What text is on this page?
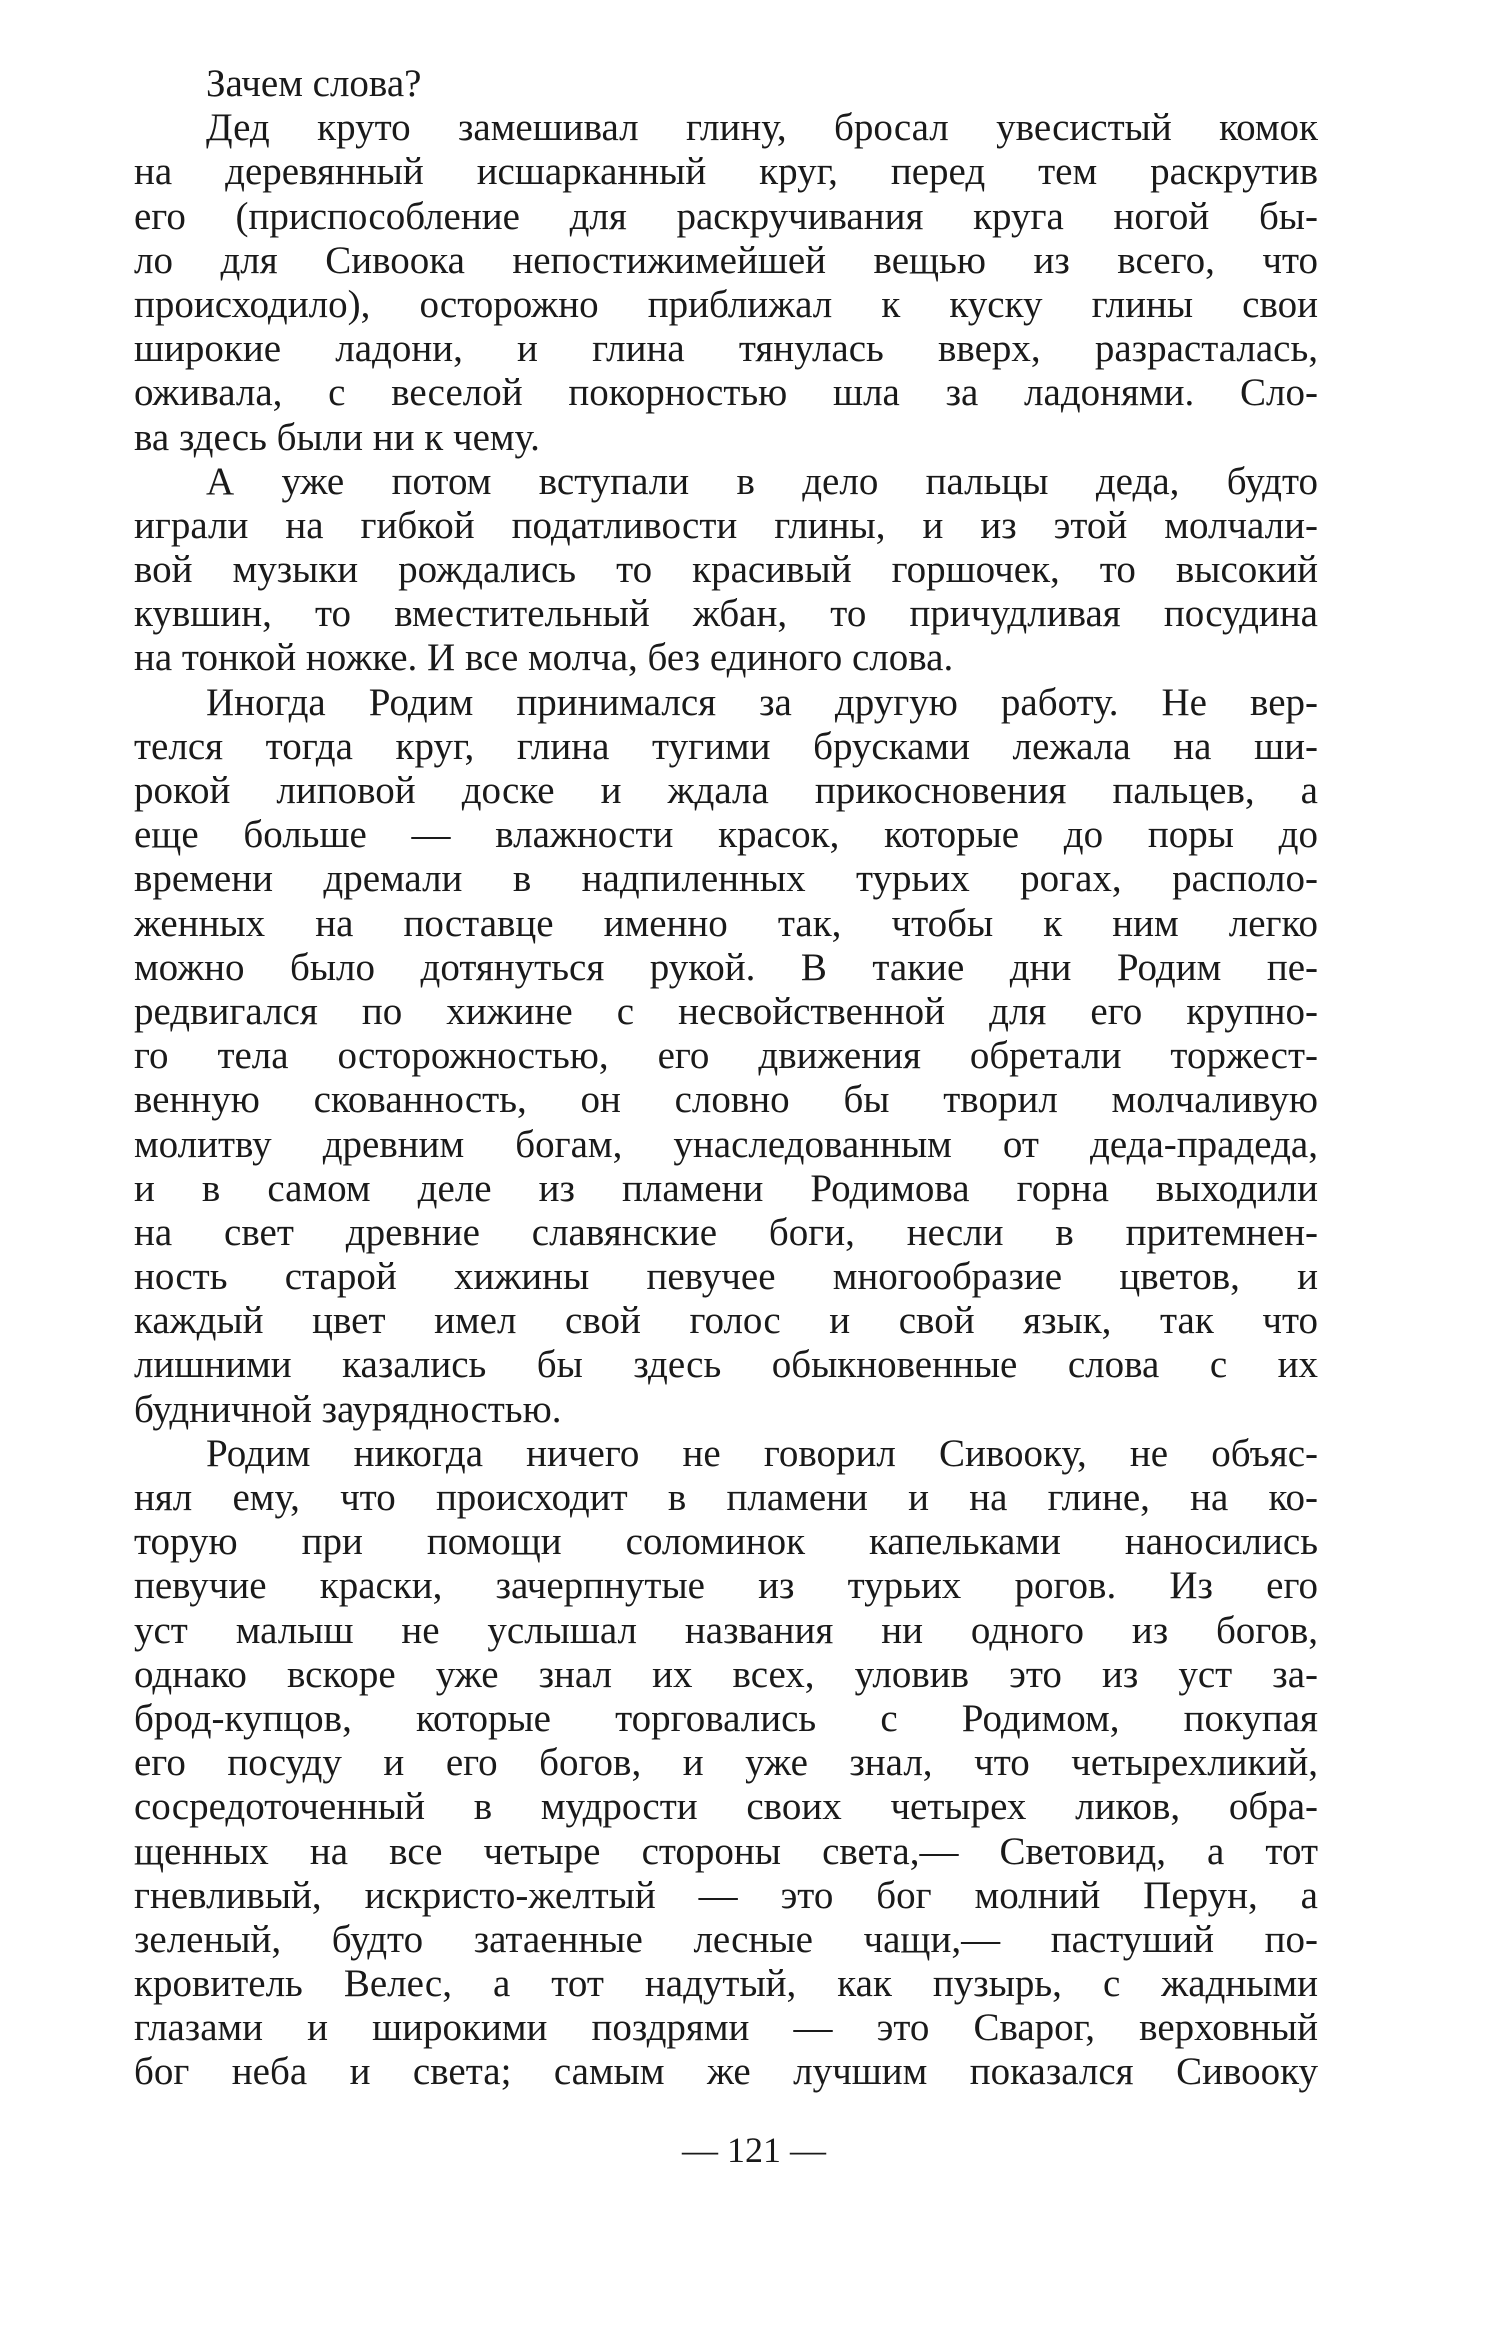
Зачем слова?
Дед круто замешивал глину, бросал увесистый комок
на деревянный исшарканный круг, перед тем раскрутив
его (приспособление для раскручивания круга ногой бы-
ло для Сивоока непостижимейшей вещью из всего, что
происходило), осторожно приближал к куску глины свои
широкие ладони, и глина тянулась вверх, разрасталась,
оживала, с веселой покорностью шла за ладонями. Сло-
ва здесь были ни к чему.
А уже потом вступали в дело пальцы деда, будто
играли на гибкой податливости глины, и из этой молчали-
вой музыки рождались то красивый горшочек, то высокий
кувшин, то вместительный жбан, то причудливая посудина
на тонкой ножке. И все молча, без единого слова.
Иногда Родим принимался за другую работу. Не вер-
телся тогда круг, глина тугими брусками лежала на ши-
рокой липовой доске и ждала прикосновения пальцев, а
еще больше — влажности красок, которые до поры до
времени дремали в надпиленных турьих рогах, располо-
женных на поставце именно так, чтобы к ним легко
можно было дотянуться рукой. В такие дни Родим пе-
редвигался по хижине с несвойственной для его крупно-
го тела осторожностью, его движения обретали торжест-
венную скованность, он словно бы творил молчаливую
молитву древним богам, унаследованным от деда-прадеда,
и в самом деле из пламени Родимова горна выходили
на свет древние славянские боги, несли в притемнен-
ность старой хижины певучее многообразие цветов, и
каждый цвет имел свой голос и свой язык, так что
лишними казались бы здесь обыкновенные слова с их
будничной заурядностью.
Родим никогда ничего не говорил Сивооку, не объяс-
нял ему, что происходит в пламени и на глине, на ко-
торую при помощи соломинок капельками наносились
певучие краски, зачерпнутые из турьих рогов. Из его
уст малыш не услышал названия ни одного из богов,
однако вскоре уже знал их всех, уловив это из уст за-
брод-купцов, которые торговались с Родимом, покупая
его посуду и его богов, и уже знал, что четырехликий,
сосредоточенный в мудрости своих четырех ликов, обра-
щенных на все четыре стороны света,— Световид, а тот
гневливый, искристо-желтый — это бог молний Перун, а
зеленый, будто затаенные лесные чащи,— пастуший по-
кровитель Велес, а тот надутый, как пузырь, с жадными
глазами и широкими поздрями — это Сварог, верховный
бог неба и света; самым же лучшим показался Сивооку
— 121 —
